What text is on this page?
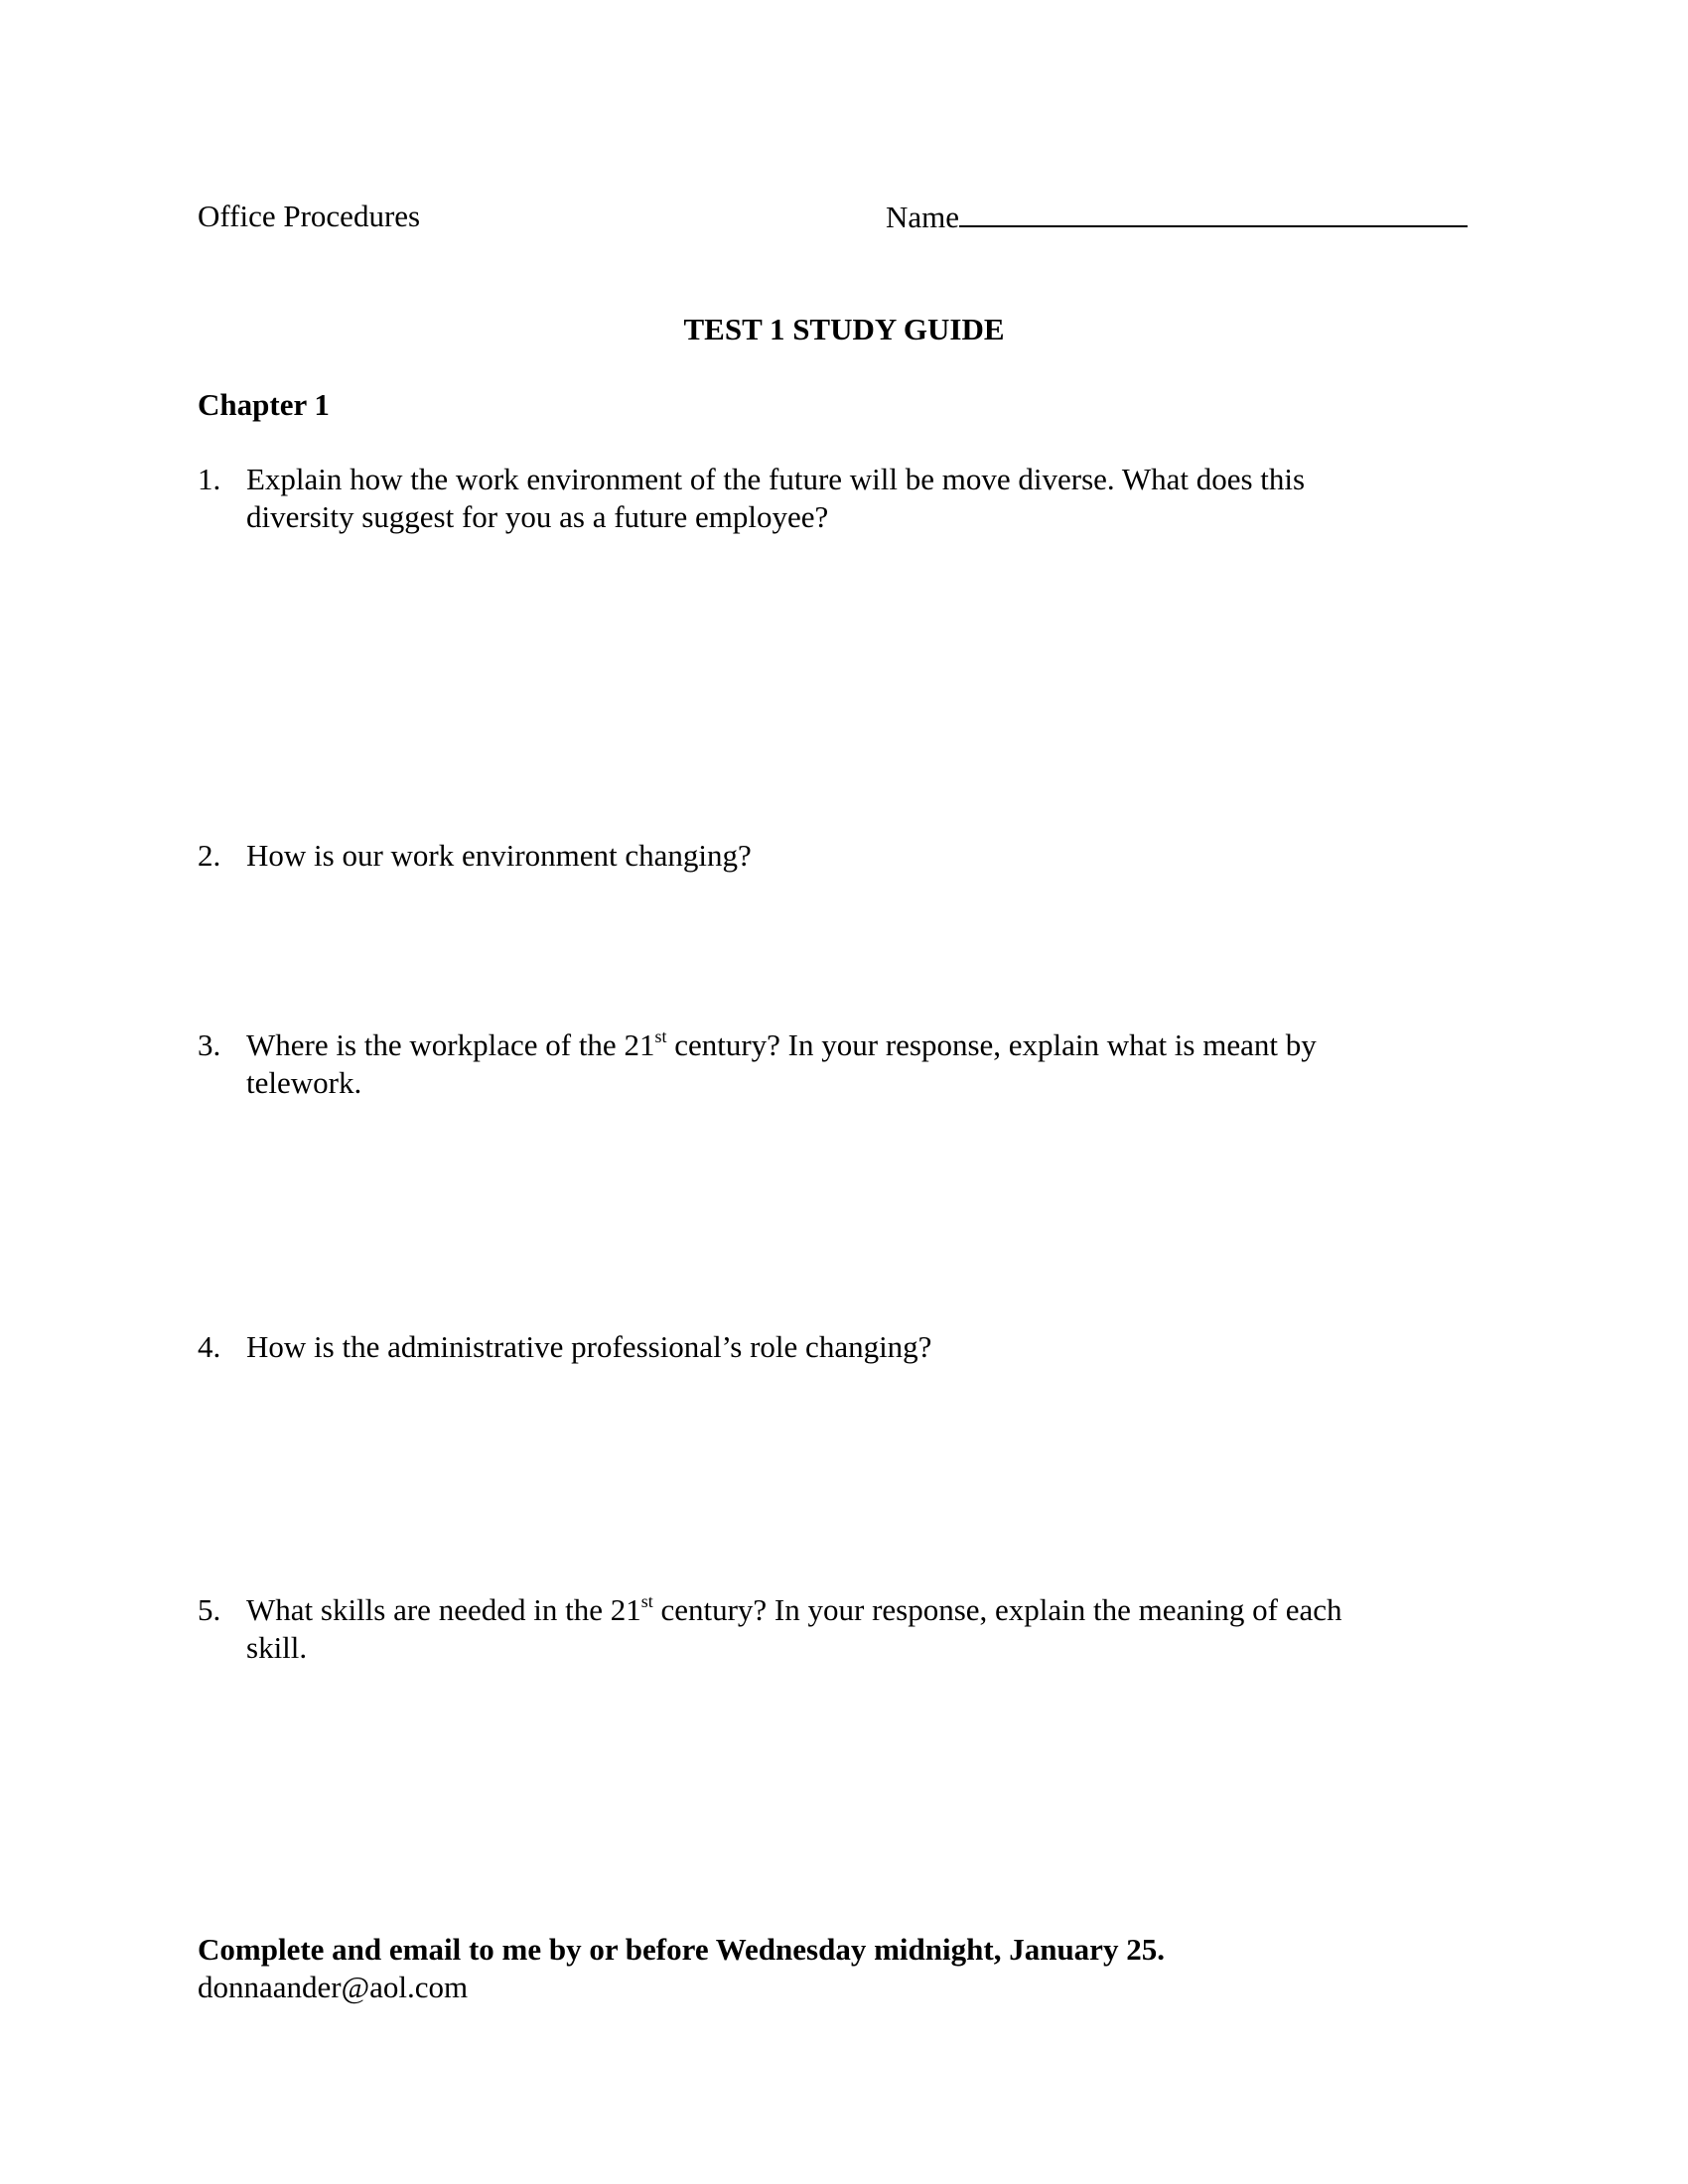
Office Procedures	Name
TEST 1 STUDY GUIDE
Chapter 1
1. Explain how the work environment of the future will be move diverse. What does this
diversity suggest for you as a future employee?
2. How is our work environment changing?
3. Where is the workplace of the 21st century? In your response, explain what is meant by
telework.
4. How is the administrative professional’s role changing?
5. What skills are needed in the 21st century? In your response, explain the meaning of each
skill.
Complete and email to me by or before Wednesday midnight, January 25.
donnaander@aol.com
